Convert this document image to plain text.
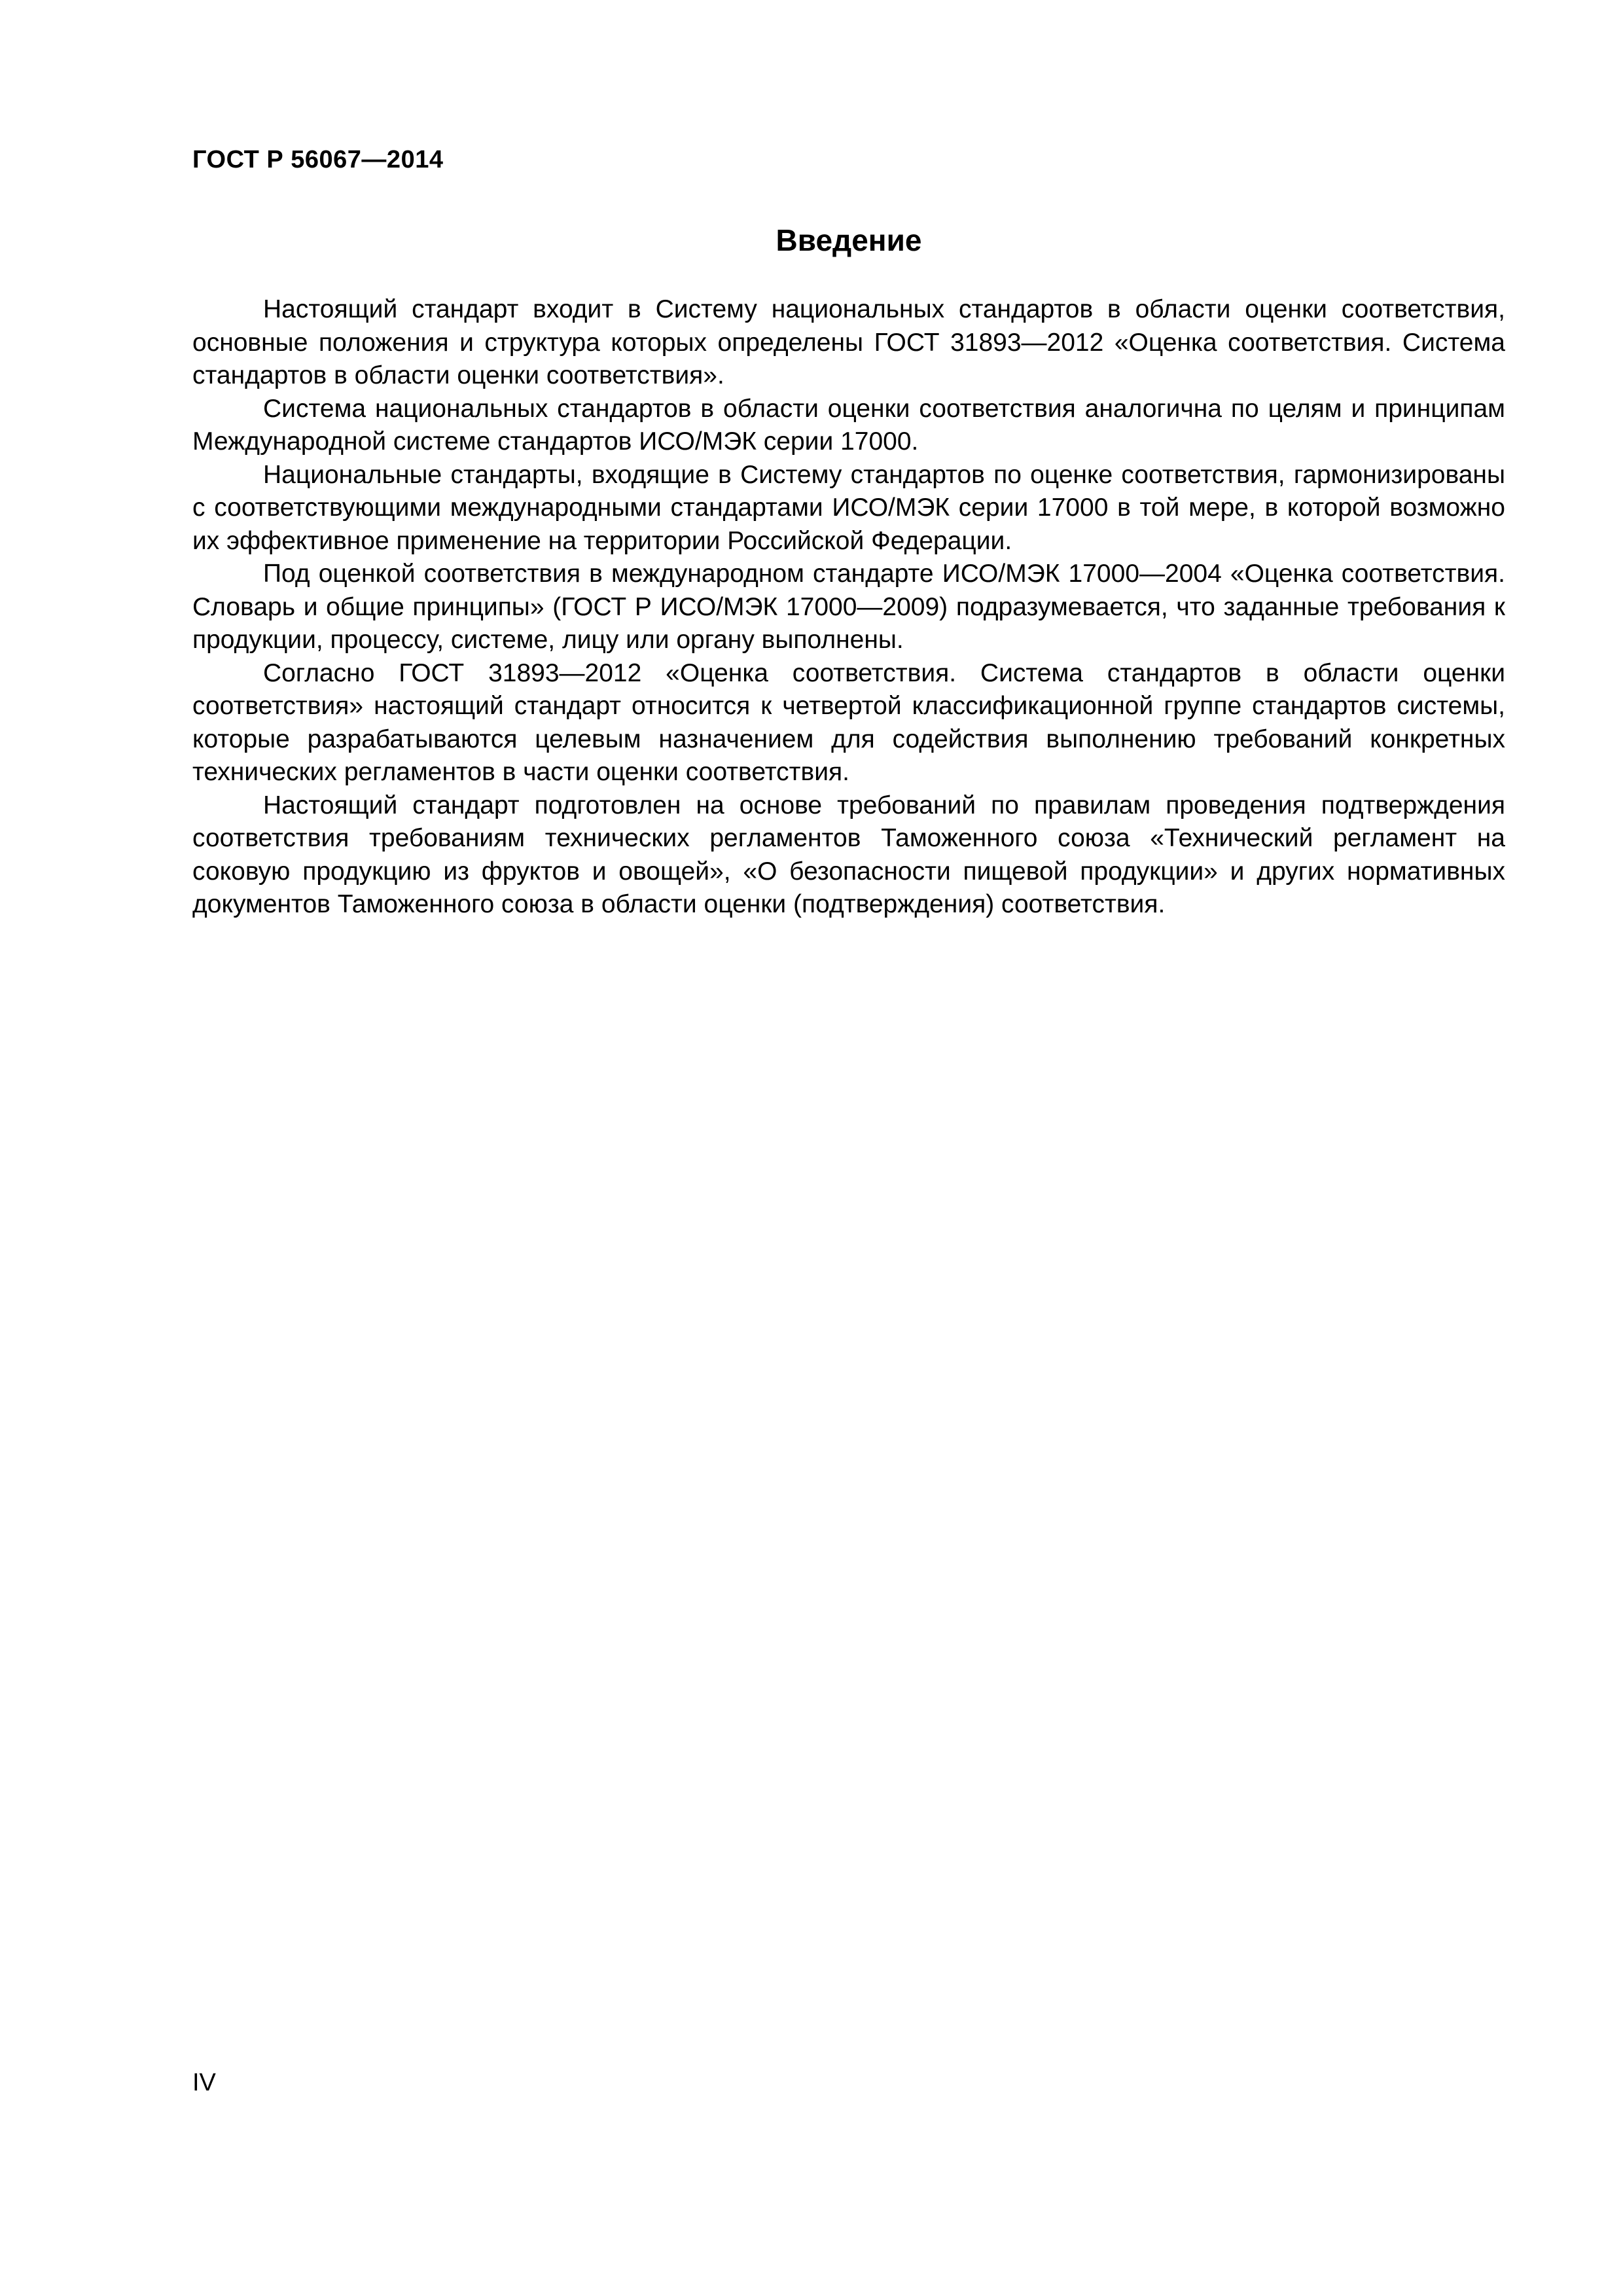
ГОСТ Р 56067—2014
Введение

Настоящий стандарт входит в Систему национальных стандартов в области оценки соответствия, основные положения и структура которых определены ГОСТ 31893—2012 «Оценка соответствия. Система стандартов в области оценки соответствия».

Система национальных стандартов в области оценки соответствия аналогична по целям и принципам Международной системе стандартов ИСО/МЭК серии 17000.

Национальные стандарты, входящие в Систему стандартов по оценке соответствия, гармонизированы с соответствующими международными стандартами ИСО/МЭК серии 17000 в той мере, в которой возможно их эффективное применение на территории Российской Федерации.

Под оценкой соответствия в международном стандарте ИСО/МЭК 17000—2004 «Оценка соответствия. Словарь и общие принципы» (ГОСТ Р ИСО/МЭК 17000—2009) подразумевается, что заданные требования к продукции, процессу, системе, лицу или органу выполнены.

Согласно ГОСТ 31893—2012 «Оценка соответствия. Система стандартов в области оценки соответствия» настоящий стандарт относится к четвертой классификационной группе стандартов системы, которые разрабатываются целевым назначением для содействия выполнению требований конкретных технических регламентов в части оценки соответствия.

Настоящий стандарт подготовлен на основе требований по правилам проведения подтверждения соответствия требованиям технических регламентов Таможенного союза «Технический регламент на соковую продукцию из фруктов и овощей», «О безопасности пищевой продукции» и других нормативных документов Таможенного союза в области оценки (подтверждения) соответствия.

IV
